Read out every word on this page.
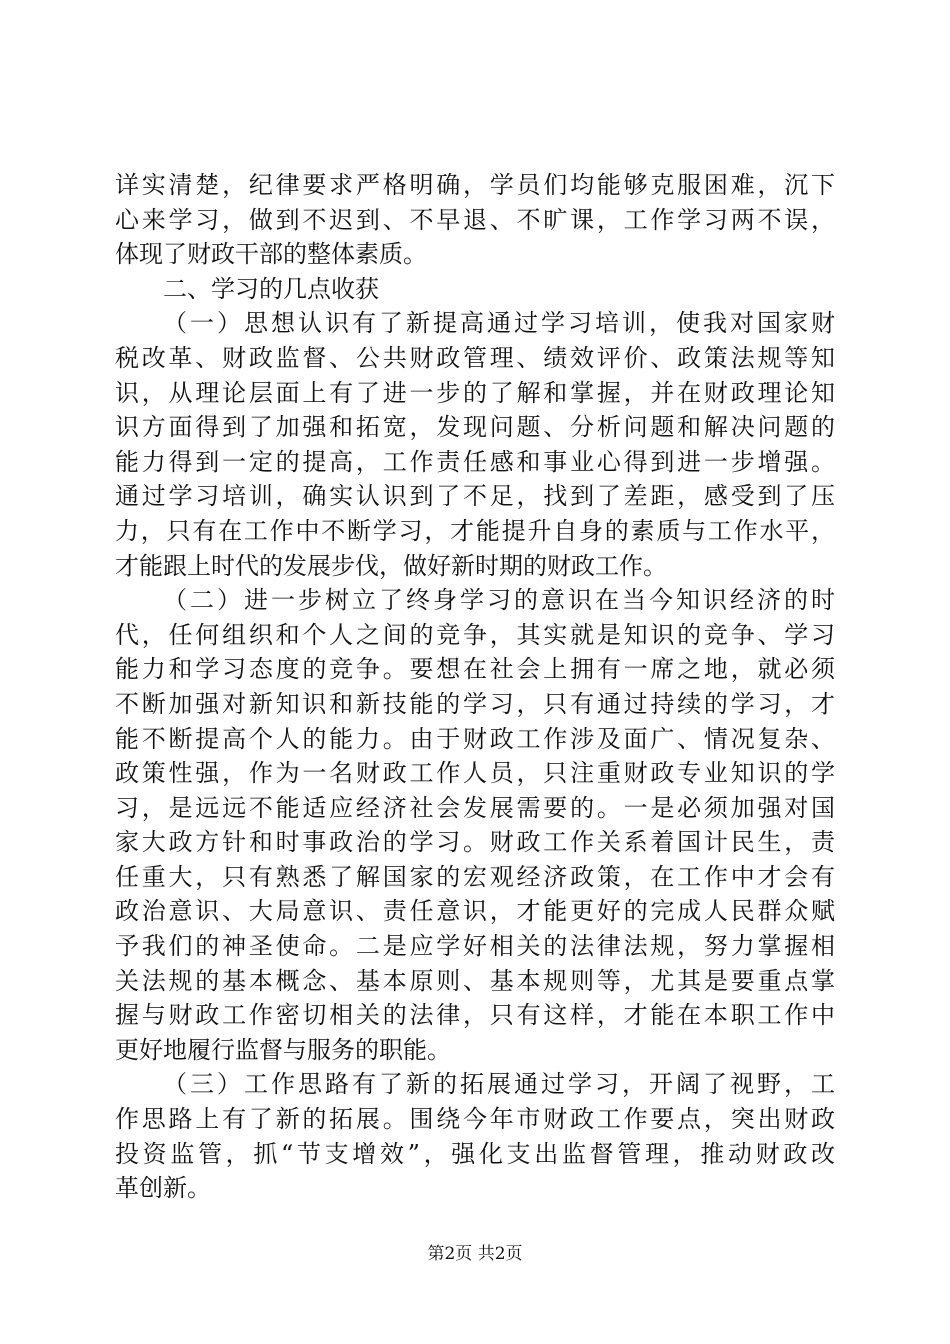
详实清楚，纪律要求严格明确，学员们均能够克服困难，沉下
心来学习，做到不迟到、不早退、不旷课，工作学习两不误，
体现了财政干部的整体素质。
二、学习的几点收获
（一）思想认识有了新提高通过学习培训，使我对国家财
税改革、财政监督、公共财政管理、绩效评价、政策法规等知
识，从理论层面上有了进一步的了解和掌握，并在财政理论知
识方面得到了加强和拓宽，发现问题、分析问题和解决问题的
能力得到一定的提高，工作责任感和事业心得到进一步增强。
通过学习培训，确实认识到了不足，找到了差距，感受到了压
力，只有在工作中不断学习，才能提升自身的素质与工作水平，
才能跟上时代的发展步伐，做好新时期的财政工作。
（二）进一步树立了终身学习的意识在当今知识经济的时
代，任何组织和个人之间的竞争，其实就是知识的竞争、学习
能力和学习态度的竞争。要想在社会上拥有一席之地，就必须
不断加强对新知识和新技能的学习，只有通过持续的学习，才
能不断提高个人的能力。由于财政工作涉及面广、情况复杂、
政策性强，作为一名财政工作人员，只注重财政专业知识的学
习，是远远不能适应经济社会发展需要的。一是必须加强对国
家大政方针和时事政治的学习。财政工作关系着国计民生，责
任重大，只有熟悉了解国家的宏观经济政策，在工作中才会有
政治意识、大局意识、责任意识，才能更好的完成人民群众赋
予我们的神圣使命。二是应学好相关的法律法规，努力掌握相
关法规的基本概念、基本原则、基本规则等，尤其是要重点掌
握与财政工作密切相关的法律，只有这样，才能在本职工作中
更好地履行监督与服务的职能。
（三）工作思路有了新的拓展通过学习，开阔了视野，工
作思路上有了新的拓展。围绕今年市财政工作要点，突出财政
投资监管，抓“节支增效”，强化支出监督管理，推动财政改
革创新。
第2页 共2页
